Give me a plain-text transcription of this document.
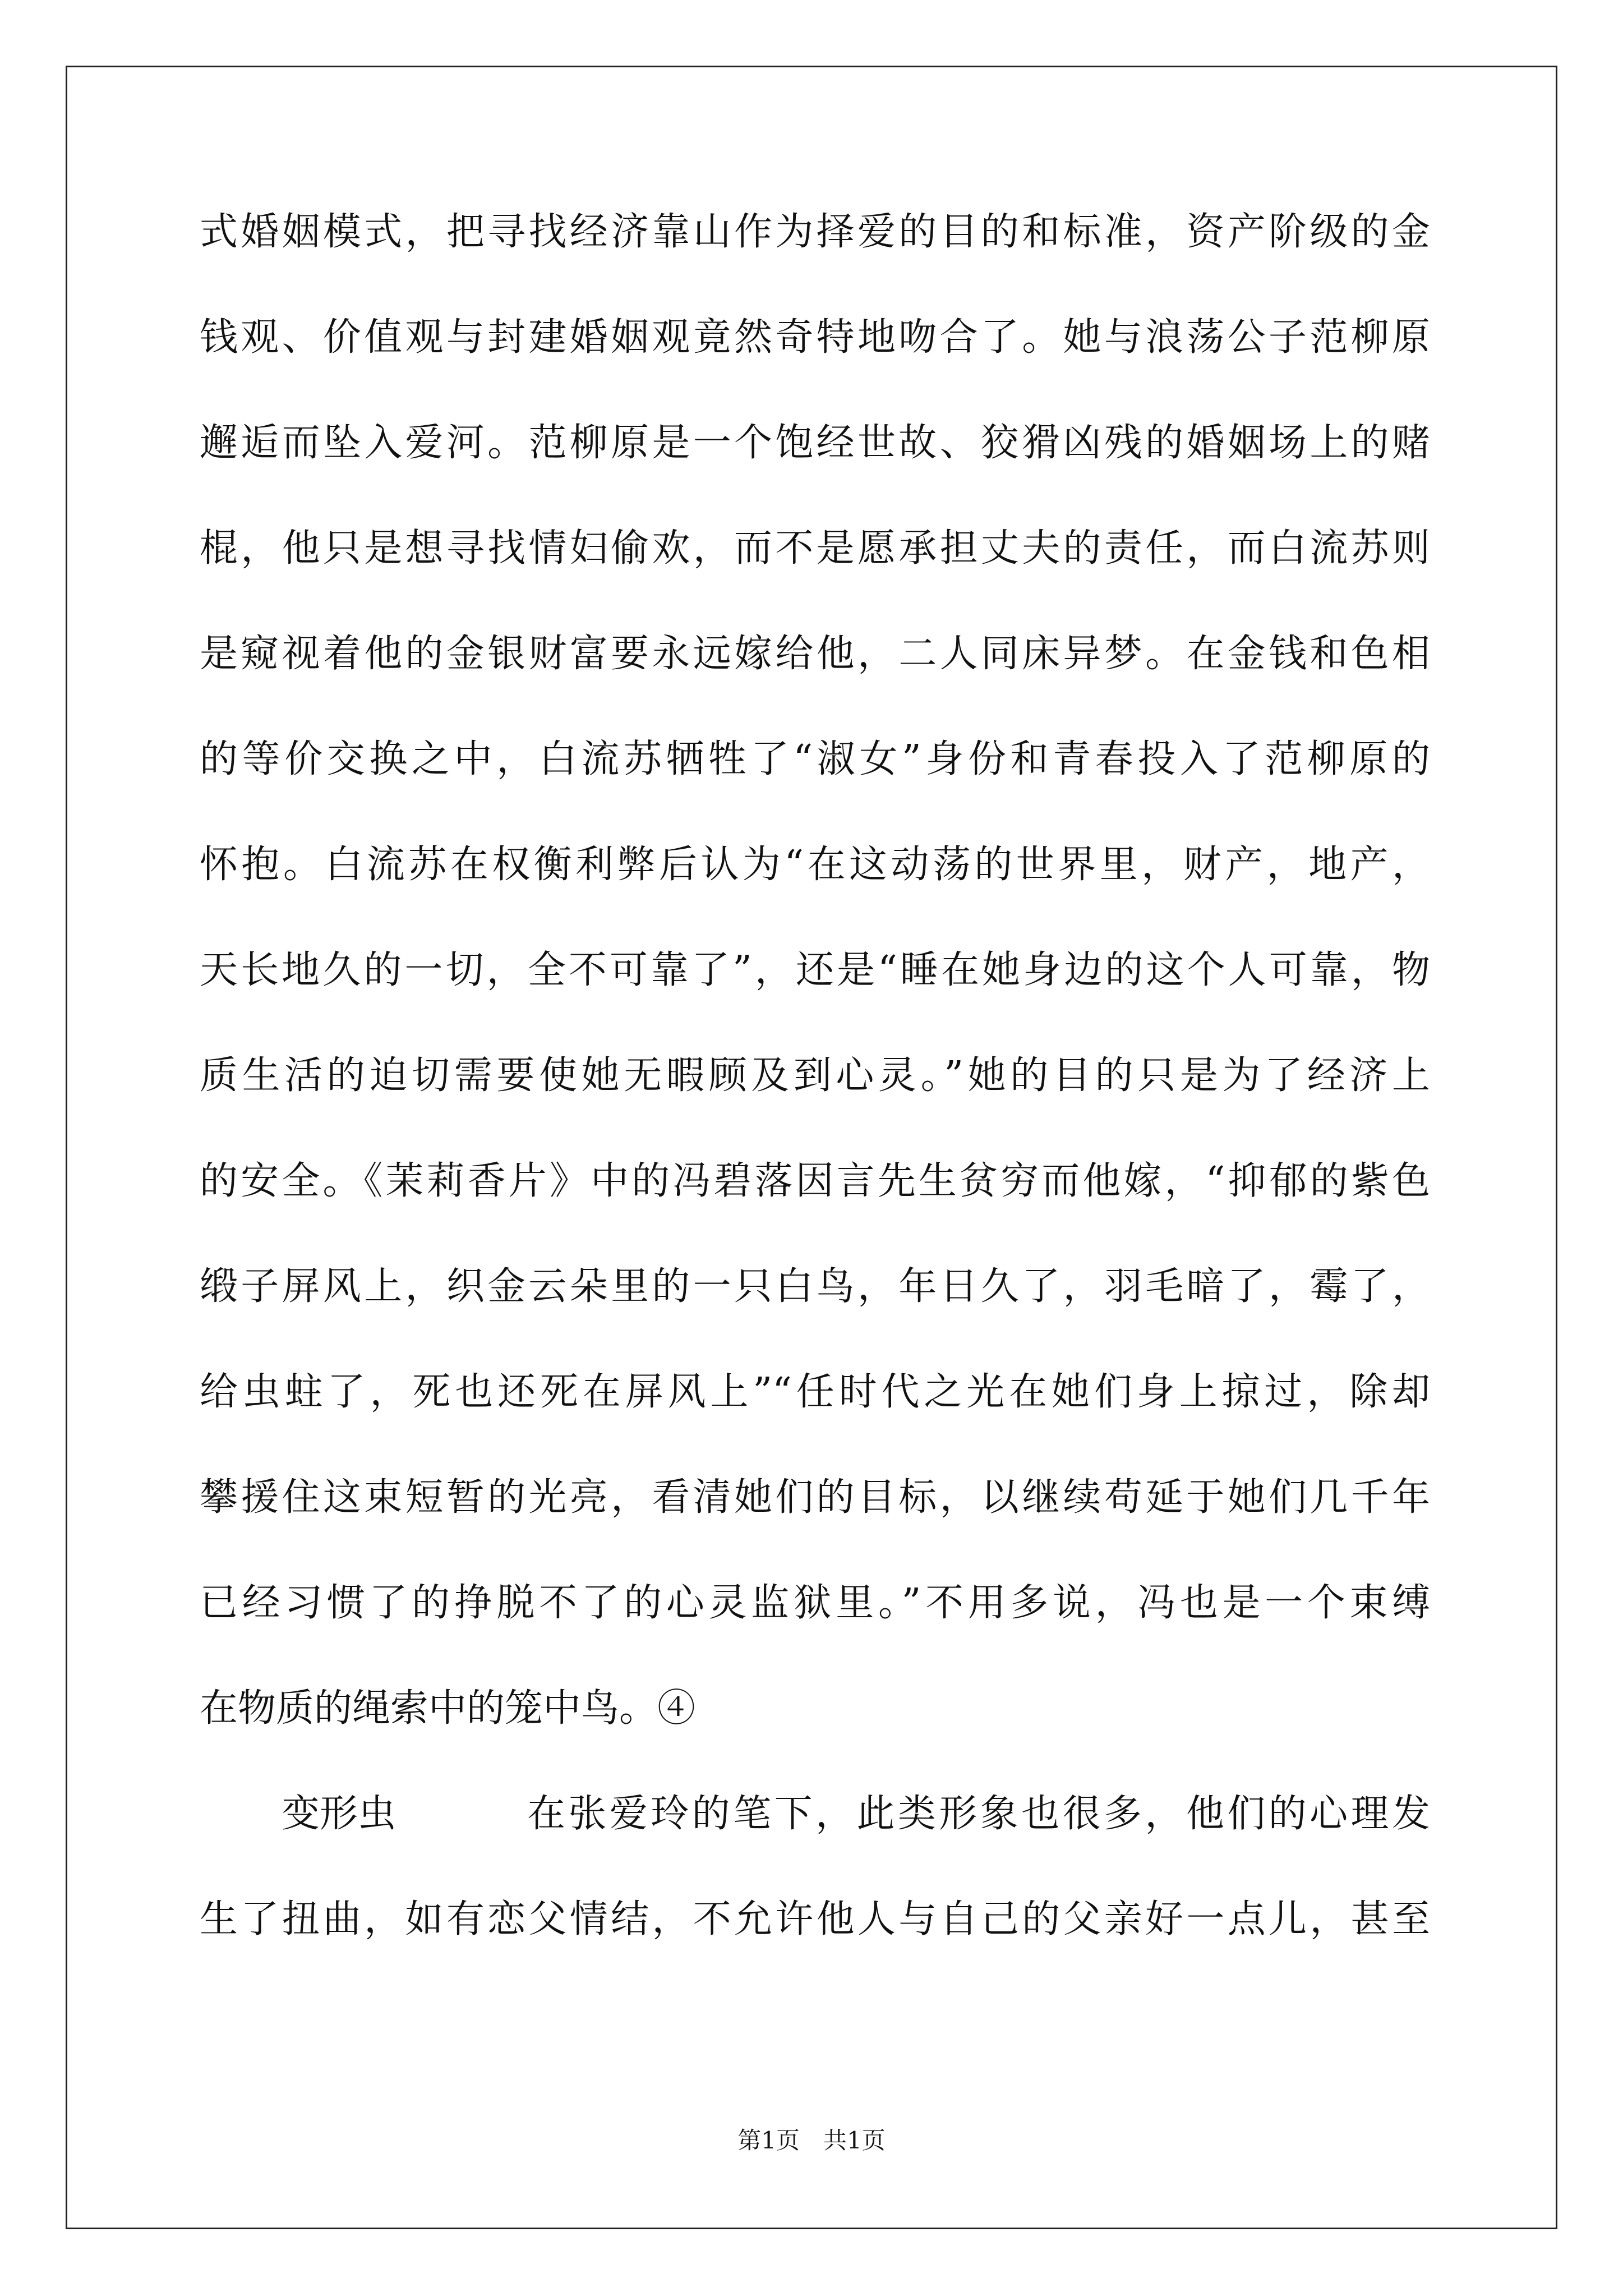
式婚姻模式，把寻找经济靠山作为择爱的目的和标准，资产阶级的金
钱观、价值观与封建婚姻观竟然奇特地吻合了。她与浪荡公子范柳原
邂逅而坠入爱河。范柳原是一个饱经世故、狡猾凶残的婚姻场上的赌
棍，他只是想寻找情妇偷欢，而不是愿承担丈夫的责任，而白流苏则
是窥视着他的金银财富要永远嫁给他，二人同床异梦。在金钱和色相
的等价交换之中，白流苏牺牲了“淑女”身份和青春投入了范柳原的
怀抱。白流苏在权衡利弊后认为“在这动荡的世界里，财产，地产，
天长地久的一切，全不可靠了”，还是“睡在她身边的这个人可靠，物
质生活的迫切需要使她无暇顾及到心灵。”她的目的只是为了经济上
的安全。《茉莉香片》中的冯碧落因言先生贫穷而他嫁，“抑郁的紫色
缎子屏风上，织金云朵里的一只白鸟，年日久了，羽毛暗了，霉了，
给虫蛀了，死也还死在屏风上”“任时代之光在她们身上掠过，除却
攀援住这束短暂的光亮，看清她们的目标，以继续苟延于她们几千年
已经习惯了的挣脱不了的心灵监狱里。”不用多说，冯也是一个束缚
在物质的绳索中的笼中鸟。④
变形虫	在张爱玲的笔下，此类形象也很多，他们的心理发
生了扭曲，如有恋父情结，不允许他人与自己的父亲好一点儿，甚至
第1页　共1页
